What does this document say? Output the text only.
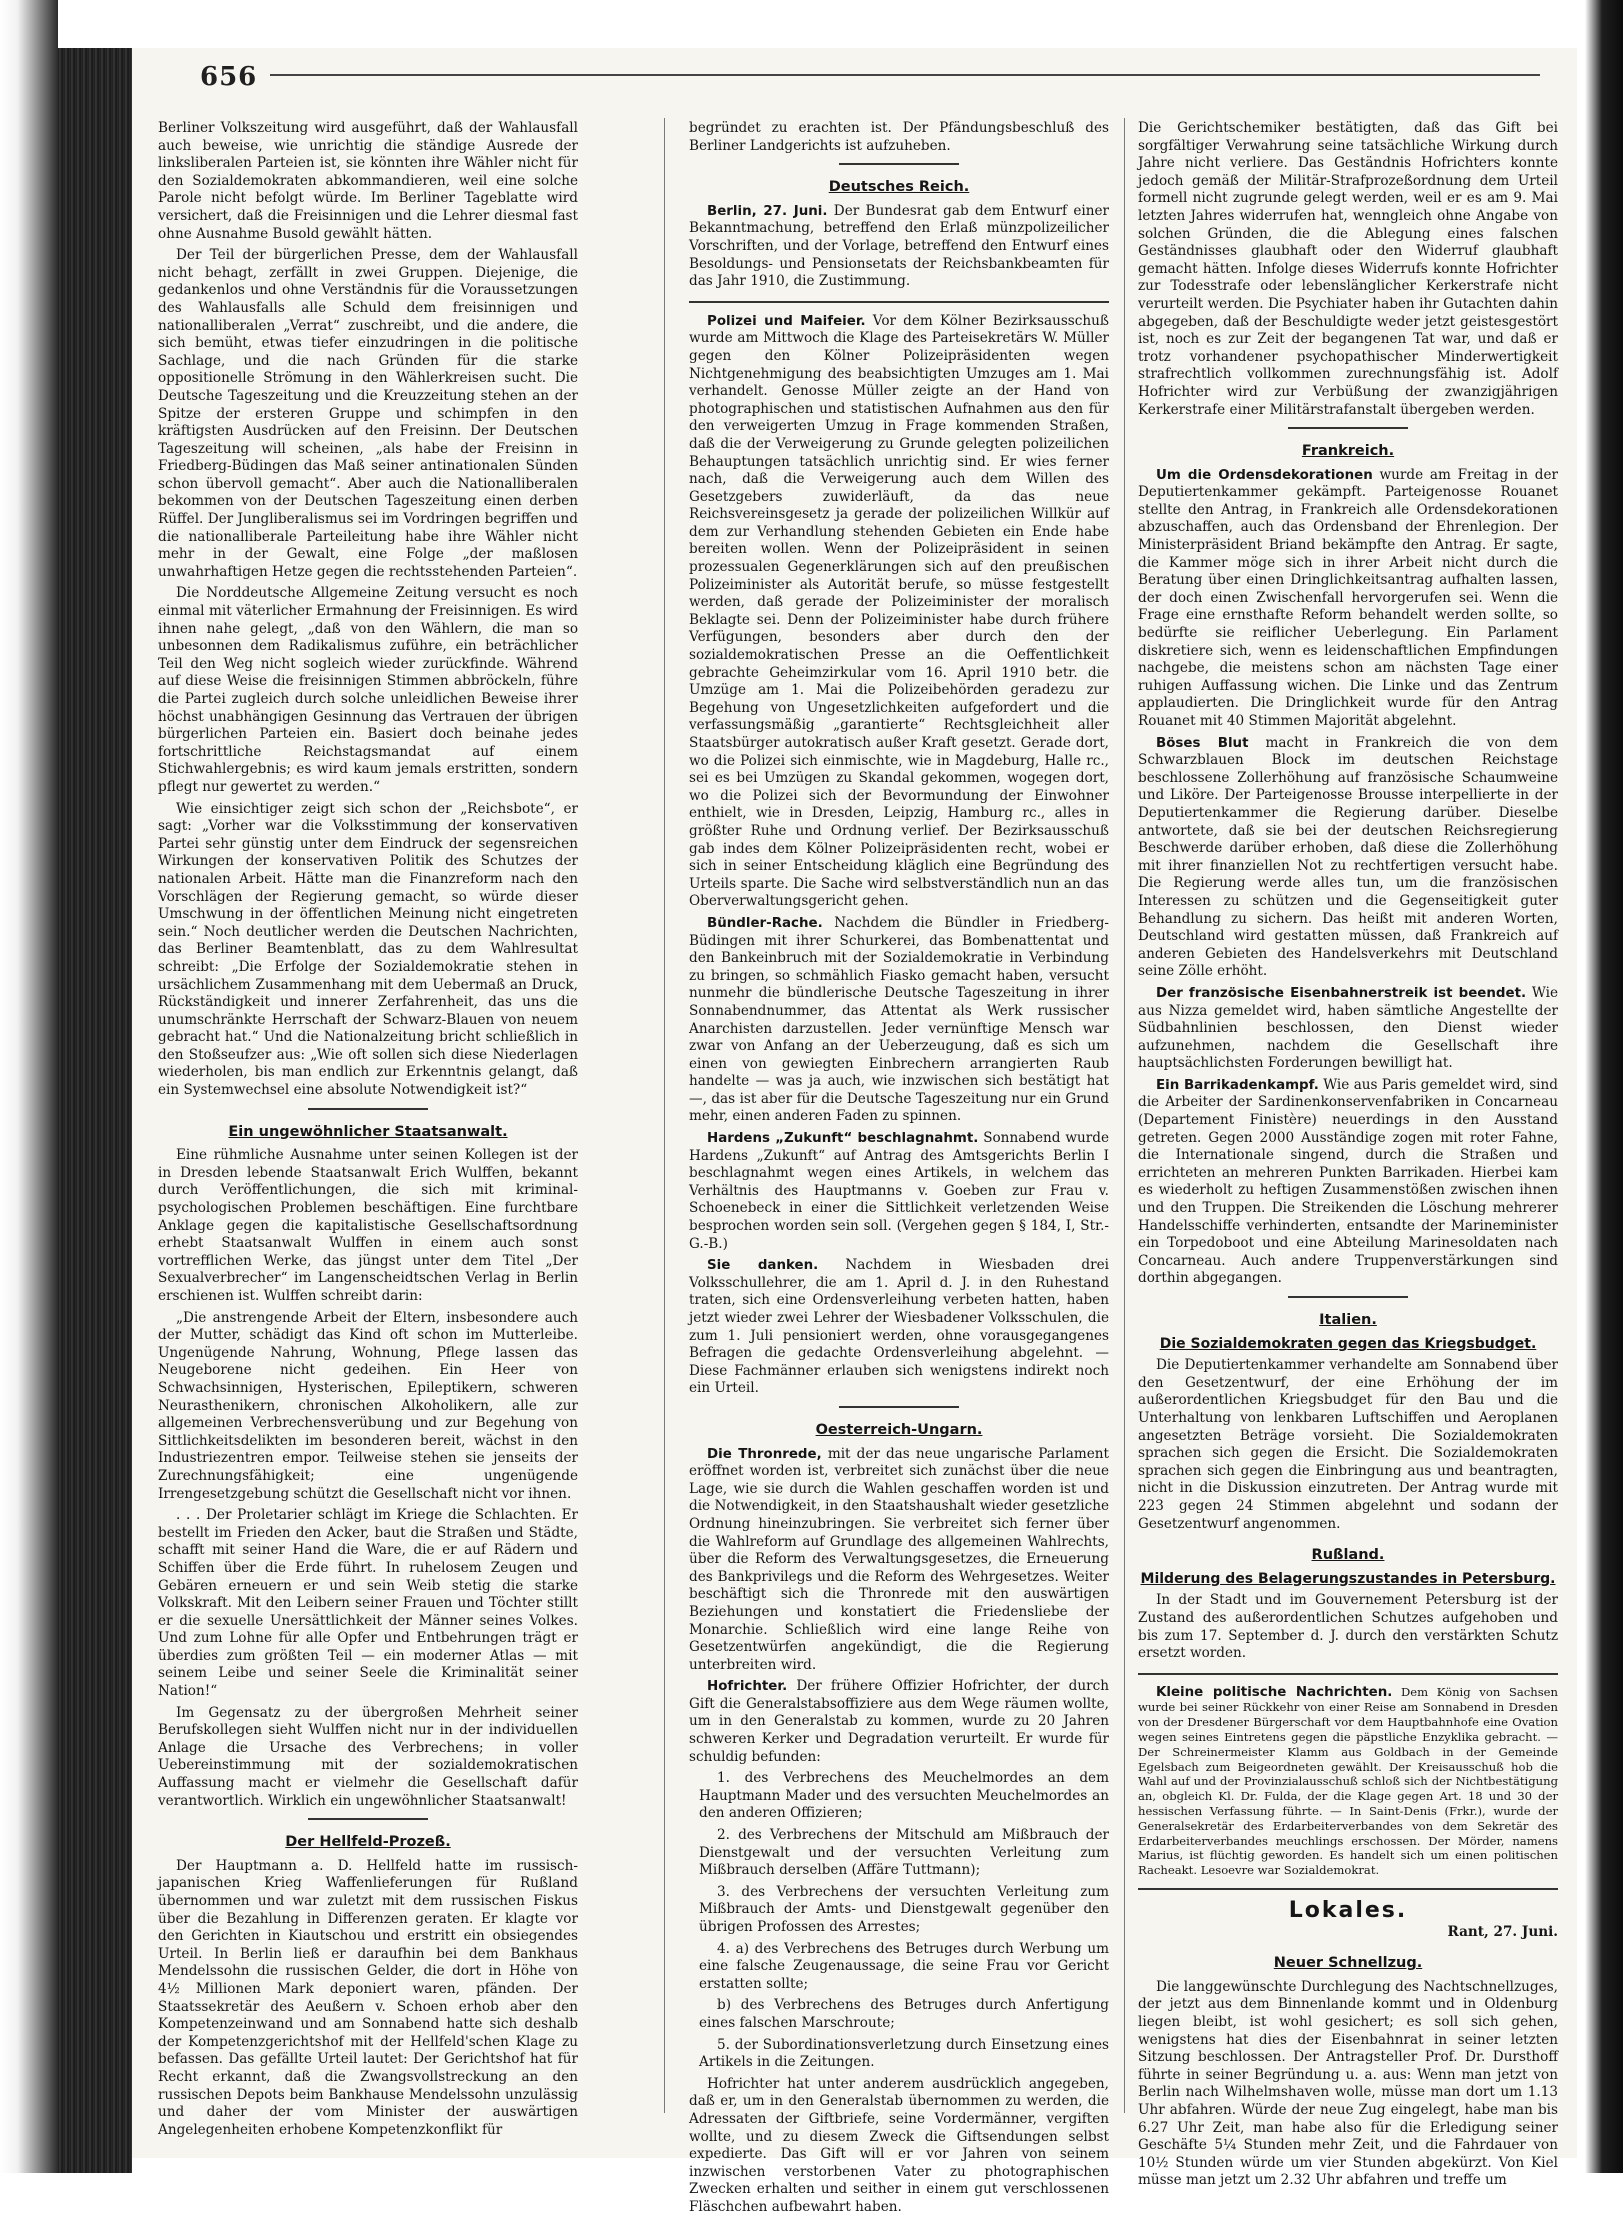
656

Berliner Volkszeitung wird ausgeführt, daß der Wahlausfall auch beweise, wie unrichtig die ständige Ausrede der linksliberalen Parteien ist, sie könnten ihre Wähler nicht für den Sozialdemokraten abkommandieren, weil eine solche Parole nicht befolgt würde. Im Berliner Tageblatte wird versichert, daß die Freisinnigen und die Lehrer diesmal fast ohne Ausnahme Busold gewählt hätten.

Der Teil der bürgerlichen Presse, dem der Wahlausfall nicht behagt, zerfällt in zwei Gruppen. Diejenige, die gedankenlos und ohne Verständnis für die Voraussetzungen des Wahlausfalls alle Schuld dem freisinnigen und nationalliberalen „Verrat“ zuschreibt, und die andere, die sich bemüht, etwas tiefer einzudringen in die politische Sachlage, und die nach Gründen für die starke oppositionelle Strömung in den Wählerkreisen sucht. Die Deutsche Tageszeitung und die Kreuzzeitung stehen an der Spitze der ersteren Gruppe und schimpfen in den kräftigsten Ausdrücken auf den Freisinn. Der Deutschen Tageszeitung will scheinen, „als habe der Freisinn in Friedberg-Büdingen das Maß seiner antinationalen Sünden schon übervoll gemacht“. Aber auch die Nationalliberalen bekommen von der Deutschen Tageszeitung einen derben Rüffel. Der Jungliberalismus sei im Vordringen begriffen und die nationalliberale Parteileitung habe ihre Wähler nicht mehr in der Gewalt, eine Folge „der maßlosen unwahrhaftigen Hetze gegen die rechtsstehenden Parteien“.

Die Norddeutsche Allgemeine Zeitung versucht es noch einmal mit väterlicher Ermahnung der Freisinnigen. Es wird ihnen nahe gelegt, „daß von den Wählern, die man so unbesonnen dem Radikalismus zuführe, ein beträchlicher Teil den Weg nicht sogleich wieder zurückfinde. Während auf diese Weise die freisinnigen Stimmen abbröckeln, führe die Partei zugleich durch solche unleidlichen Beweise ihrer höchst unabhängigen Gesinnung das Vertrauen der übrigen bürgerlichen Parteien ein. Basiert doch beinahe jedes fortschrittliche Reichstagsmandat auf einem Stichwahlergebnis; es wird kaum jemals erstritten, sondern pflegt nur gewertet zu werden.“

Wie einsichtiger zeigt sich schon der „Reichsbote“, er sagt: „Vorher war die Volksstimmung der konservativen Partei sehr günstig unter dem Eindruck der segensreichen Wirkungen der konservativen Politik des Schutzes der nationalen Arbeit. Hätte man die Finanzreform nach den Vorschlägen der Regierung gemacht, so würde dieser Umschwung in der öffentlichen Meinung nicht eingetreten sein.“ Noch deutlicher werden die Deutschen Nachrichten, das Berliner Beamtenblatt, das zu dem Wahlresultat schreibt: „Die Erfolge der Sozialdemokratie stehen in ursächlichem Zusammenhang mit dem Uebermaß an Druck, Rückständigkeit und innerer Zerfahrenheit, das uns die unumschränkte Herrschaft der Schwarz-Blauen von neuem gebracht hat.“ Und die Nationalzeitung bricht schließlich in den Stoßseufzer aus: „Wie oft sollen sich diese Niederlagen wiederholen, bis man endlich zur Erkenntnis gelangt, daß ein Systemwechsel eine absolute Notwendigkeit ist?“

Ein ungewöhnlicher Staatsanwalt.

Eine rühmliche Ausnahme unter seinen Kollegen ist der in Dresden lebende Staatsanwalt Erich Wulffen, bekannt durch Veröffentlichungen, die sich mit kriminal-psychologischen Problemen beschäftigen. Eine furchtbare Anklage gegen die kapitalistische Gesellschaftsordnung erhebt Staatsanwalt Wulffen in einem auch sonst vortrefflichen Werke, das jüngst unter dem Titel „Der Sexualverbrecher“ im Langenscheidtschen Verlag in Berlin erschienen ist. Wulffen schreibt darin:

„Die anstrengende Arbeit der Eltern, insbesondere auch der Mutter, schädigt das Kind oft schon im Mutterleibe. Ungenügende Nahrung, Wohnung, Pflege lassen das Neugeborene nicht gedeihen. Ein Heer von Schwachsinnigen, Hysterischen, Epileptikern, schweren Neurasthenikern, chronischen Alkoholikern, alle zur allgemeinen Verbrechensverübung und zur Begehung von Sittlichkeitsdelikten im besonderen bereit, wächst in den Industriezentren empor. Teilweise stehen sie jenseits der Zurechnungsfähigkeit; eine ungenügende Irrengesetzgebung schützt die Gesellschaft nicht vor ihnen.

. . . Der Proletarier schlägt im Kriege die Schlachten. Er bestellt im Frieden den Acker, baut die Straßen und Städte, schafft mit seiner Hand die Ware, die er auf Rädern und Schiffen über die Erde führt. In ruhelosem Zeugen und Gebären erneuern er und sein Weib stetig die starke Volkskraft. Mit den Leibern seiner Frauen und Töchter stillt er die sexuelle Unersättlichkeit der Männer seines Volkes. Und zum Lohne für alle Opfer und Entbehrungen trägt er überdies zum größten Teil — ein moderner Atlas — mit seinem Leibe und seiner Seele die Kriminalität seiner Nation!“

Im Gegensatz zu der übergroßen Mehrheit seiner Berufskollegen sieht Wulffen nicht nur in der individuellen Anlage die Ursache des Verbrechens; in voller Uebereinstimmung mit der sozialdemokratischen Auffassung macht er vielmehr die Gesellschaft dafür verantwortlich. Wirklich ein ungewöhnlicher Staatsanwalt!

Der Hellfeld-Prozeß.

Der Hauptmann a. D. Hellfeld hatte im russisch-japanischen Krieg Waffenlieferungen für Rußland übernommen und war zuletzt mit dem russischen Fiskus über die Bezahlung in Differenzen geraten. Er klagte vor den Gerichten in Kiautschou und erstritt ein obsiegendes Urteil. In Berlin ließ er daraufhin bei dem Bankhaus Mendelssohn die russischen Gelder, die dort in Höhe von 4½ Millionen Mark deponiert waren, pfänden. Der Staatssekretär des Aeußern v. Schoen erhob aber den Kompetenzeinwand und am Sonnabend hatte sich deshalb der Kompetenzgerichtshof mit der Hellfeld'schen Klage zu befassen. Das gefällte Urteil lautet: Der Gerichtshof hat für Recht erkannt, daß die Zwangsvollstreckung an den russischen Depots beim Bankhause Mendelssohn unzulässig und daher der vom Minister der auswärtigen Angelegenheiten erhobene Kompetenzkonflikt für

begründet zu erachten ist. Der Pfändungsbeschluß des Berliner Landgerichts ist aufzuheben.

Deutsches Reich.

Berlin, 27. Juni. Der Bundesrat gab dem Entwurf einer Bekanntmachung, betreffend den Erlaß münzpolizeilicher Vorschriften, und der Vorlage, betreffend den Entwurf eines Besoldungs- und Pensionsetats der Reichsbankbeamten für das Jahr 1910, die Zustimmung.

Polizei und Maifeier. Vor dem Kölner Bezirksausschuß wurde am Mittwoch die Klage des Parteisekretärs W. Müller gegen den Kölner Polizeipräsidenten wegen Nichtgenehmigung des beabsichtigten Umzuges am 1. Mai verhandelt. Genosse Müller zeigte an der Hand von photographischen und statistischen Aufnahmen aus den für den verweigerten Umzug in Frage kommenden Straßen, daß die der Verweigerung zu Grunde gelegten polizeilichen Behauptungen tatsächlich unrichtig sind. Er wies ferner nach, daß die Verweigerung auch dem Willen des Gesetzgebers zuwiderläuft, da das neue Reichsvereinsgesetz ja gerade der polizeilichen Willkür auf dem zur Verhandlung stehenden Gebieten ein Ende habe bereiten wollen. Wenn der Polizeipräsident in seinen prozessualen Gegenerklärungen sich auf den preußischen Polizeiminister als Autorität berufe, so müsse festgestellt werden, daß gerade der Polizeiminister der moralisch Beklagte sei. Denn der Polizeiminister habe durch frühere Verfügungen, besonders aber durch den der sozialdemokratischen Presse an die Oeffentlichkeit gebrachte Geheimzirkular vom 16. April 1910 betr. die Umzüge am 1. Mai die Polizeibehörden geradezu zur Begehung von Ungesetzlichkeiten aufgefordert und die verfassungsmäßig „garantierte“ Rechtsgleichheit aller Staatsbürger autokratisch außer Kraft gesetzt. Gerade dort, wo die Polizei sich einmischte, wie in Magdeburg, Halle rc., sei es bei Umzügen zu Skandal gekommen, wogegen dort, wo die Polizei sich der Bevormundung der Einwohner enthielt, wie in Dresden, Leipzig, Hamburg rc., alles in größter Ruhe und Ordnung verlief. Der Bezirksausschuß gab indes dem Kölner Polizeipräsidenten recht, wobei er sich in seiner Entscheidung kläglich eine Begründung des Urteils sparte. Die Sache wird selbstverständlich nun an das Oberverwaltungsgericht gehen.

Bündler-Rache. Nachdem die Bündler in Friedberg-Büdingen mit ihrer Schurkerei, das Bombenattentat und den Bankeinbruch mit der Sozialdemokratie in Verbindung zu bringen, so schmählich Fiasko gemacht haben, versucht nunmehr die bündlerische Deutsche Tageszeitung in ihrer Sonnabendnummer, das Attentat als Werk russischer Anarchisten darzustellen. Jeder vernünftige Mensch war zwar von Anfang an der Ueberzeugung, daß es sich um einen von gewiegten Einbrechern arrangierten Raub handelte — was ja auch, wie inzwischen sich bestätigt hat —, das ist aber für die Deutsche Tageszeitung nur ein Grund mehr, einen anderen Faden zu spinnen.

Hardens „Zukunft“ beschlagnahmt. Sonnabend wurde Hardens „Zukunft“ auf Antrag des Amtsgerichts Berlin I beschlagnahmt wegen eines Artikels, in welchem das Verhältnis des Hauptmanns v. Goeben zur Frau v. Schoenebeck in einer die Sittlichkeit verletzenden Weise besprochen worden sein soll. (Vergehen gegen § 184, I, Str.-G.-B.)

Sie danken. Nachdem in Wiesbaden drei Volksschullehrer, die am 1. April d. J. in den Ruhestand traten, sich eine Ordensverleihung verbeten hatten, haben jetzt wieder zwei Lehrer der Wiesbadener Volksschulen, die zum 1. Juli pensioniert werden, ohne vorausgegangenes Befragen die gedachte Ordensverleihung abgelehnt. — Diese Fachmänner erlauben sich wenigstens indirekt noch ein Urteil.

Oesterreich-Ungarn.

Die Thronrede, mit der das neue ungarische Parlament eröffnet worden ist, verbreitet sich zunächst über die neue Lage, wie sie durch die Wahlen geschaffen worden ist und die Notwendigkeit, in den Staatshaushalt wieder gesetzliche Ordnung hineinzubringen. Sie verbreitet sich ferner über die Wahlreform auf Grundlage des allgemeinen Wahlrechts, über die Reform des Verwaltungsgesetzes, die Erneuerung des Bankprivilegs und die Reform des Wehrgesetzes. Weiter beschäftigt sich die Thronrede mit den auswärtigen Beziehungen und konstatiert die Friedensliebe der Monarchie. Schließlich wird eine lange Reihe von Gesetzentwürfen angekündigt, die die Regierung unterbreiten wird.

Hofrichter. Der frühere Offizier Hofrichter, der durch Gift die Generalstabsoffiziere aus dem Wege räumen wollte, um in den Generalstab zu kommen, wurde zu 20 Jahren schweren Kerker und Degradation verurteilt. Er wurde für schuldig befunden:

1. des Verbrechens des Meuchelmordes an dem Hauptmann Mader und des versuchten Meuchelmordes an den anderen Offizieren;

2. des Verbrechens der Mitschuld am Mißbrauch der Dienstgewalt und der versuchten Verleitung zum Mißbrauch derselben (Affäre Tuttmann);

3. des Verbrechens der versuchten Verleitung zum Mißbrauch der Amts- und Dienstgewalt gegenüber den übrigen Profossen des Arrestes;

4. a) des Verbrechens des Betruges durch Werbung um eine falsche Zeugenaussage, die seine Frau vor Gericht erstatten sollte;

b) des Verbrechens des Betruges durch Anfertigung eines falschen Marschroute;

5. der Subordinationsverletzung durch Einsetzung eines Artikels in die Zeitungen.

Hofrichter hat unter anderem ausdrücklich angegeben, daß er, um in den Generalstab übernommen zu werden, die Adressaten der Giftbriefe, seine Vordermänner, vergiften wollte, und zu diesem Zweck die Giftsendungen selbst expedierte. Das Gift will er vor Jahren von seinem inzwischen verstorbenen Vater zu photographischen Zwecken erhalten und seither in einem gut verschlossenen Fläschchen aufbewahrt haben.

Die Gerichtschemiker bestätigten, daß das Gift bei sorgfältiger Verwahrung seine tatsächliche Wirkung durch Jahre nicht verliere. Das Geständnis Hofrichters konnte jedoch gemäß der Militär-Strafprozeßordnung dem Urteil formell nicht zugrunde gelegt werden, weil er es am 9. Mai letzten Jahres widerrufen hat, wenngleich ohne Angabe von solchen Gründen, die die Ablegung eines falschen Geständnisses glaubhaft oder den Widerruf glaubhaft gemacht hätten. Infolge dieses Widerrufs konnte Hofrichter zur Todesstrafe oder lebenslänglicher Kerkerstrafe nicht verurteilt werden. Die Psychiater haben ihr Gutachten dahin abgegeben, daß der Beschuldigte weder jetzt geistesgestört ist, noch es zur Zeit der begangenen Tat war, und daß er trotz vorhandener psychopathischer Minderwertigkeit strafrechtlich vollkommen zurechnungsfähig ist. Adolf Hofrichter wird zur Verbüßung der zwanzigjährigen Kerkerstrafe einer Militärstrafanstalt übergeben werden.

Frankreich.

Um die Ordensdekorationen wurde am Freitag in der Deputiertenkammer gekämpft. Parteigenosse Rouanet stellte den Antrag, in Frankreich alle Ordensdekorationen abzuschaffen, auch das Ordensband der Ehrenlegion. Der Ministerpräsident Briand bekämpfte den Antrag. Er sagte, die Kammer möge sich in ihrer Arbeit nicht durch die Beratung über einen Dringlichkeitsantrag aufhalten lassen, der doch einen Zwischenfall hervorgerufen sei. Wenn die Frage eine ernsthafte Reform behandelt werden sollte, so bedürfte sie reiflicher Ueberlegung. Ein Parlament diskretiere sich, wenn es leidenschaftlichen Empfindungen nachgebe, die meistens schon am nächsten Tage einer ruhigen Auffassung wichen. Die Linke und das Zentrum applaudierten. Die Dringlichkeit wurde für den Antrag Rouanet mit 40 Stimmen Majorität abgelehnt.

Böses Blut macht in Frankreich die von dem Schwarzblauen Block im deutschen Reichstage beschlossene Zollerhöhung auf französische Schaumweine und Liköre. Der Parteigenosse Brousse interpellierte in der Deputiertenkammer die Regierung darüber. Dieselbe antwortete, daß sie bei der deutschen Reichsregierung Beschwerde darüber erhoben, daß diese die Zollerhöhung mit ihrer finanziellen Not zu rechtfertigen versucht habe. Die Regierung werde alles tun, um die französischen Interessen zu schützen und die Gegenseitigkeit guter Behandlung zu sichern. Das heißt mit anderen Worten, Deutschland wird gestatten müssen, daß Frankreich auf anderen Gebieten des Handelsverkehrs mit Deutschland seine Zölle erhöht.

Der französische Eisenbahnerstreik ist beendet. Wie aus Nizza gemeldet wird, haben sämtliche Angestellte der Südbahnlinien beschlossen, den Dienst wieder aufzunehmen, nachdem die Gesellschaft ihre hauptsächlichsten Forderungen bewilligt hat.

Ein Barrikadenkampf. Wie aus Paris gemeldet wird, sind die Arbeiter der Sardinenkonservenfabriken in Concarneau (Departement Finistère) neuerdings in den Ausstand getreten. Gegen 2000 Ausständige zogen mit roter Fahne, die Internationale singend, durch die Straßen und errichteten an mehreren Punkten Barrikaden. Hierbei kam es wiederholt zu heftigen Zusammenstößen zwischen ihnen und den Truppen. Die Streikenden die Löschung mehrerer Handelsschiffe verhinderten, entsandte der Marineminister ein Torpedoboot und eine Abteilung Marinesoldaten nach Concarneau. Auch andere Truppenverstärkungen sind dorthin abgegangen.

Italien.
Die Sozialdemokraten gegen das Kriegsbudget.

Die Deputiertenkammer verhandelte am Sonnabend über den Gesetzentwurf, der eine Erhöhung der im außerordentlichen Kriegsbudget für den Bau und die Unterhaltung von lenkbaren Luftschiffen und Aeroplanen angesetzten Beträge vorsieht. Die Sozialdemokraten sprachen sich gegen die Ersicht. Die Sozialdemokraten sprachen sich gegen die Einbringung aus und beantragten, nicht in die Diskussion einzutreten. Der Antrag wurde mit 223 gegen 24 Stimmen abgelehnt und sodann der Gesetzentwurf angenommen.

Rußland.
Milderung des Belagerungszustandes in Petersburg.

In der Stadt und im Gouvernement Petersburg ist der Zustand des außerordentlichen Schutzes aufgehoben und bis zum 17. September d. J. durch den verstärkten Schutz ersetzt worden.

Kleine politische Nachrichten. Dem König von Sachsen wurde bei seiner Rückkehr von einer Reise am Sonnabend in Dresden von der Dresdener Bürgerschaft vor dem Hauptbahnhofe eine Ovation wegen seines Eintretens gegen die päpstliche Enzyklika gebracht. — Der Schreinermeister Klamm aus Goldbach in der Gemeinde Egelsbach zum Beigeordneten gewählt. Der Kreisausschuß hob die Wahl auf und der Provinzialausschuß schloß sich der Nichtbestätigung an, obgleich Kl. Dr. Fulda, der die Klage gegen Art. 18 und 30 der hessischen Verfassung führte. — In Saint-Denis (Frkr.), wurde der Generalsekretär des Erdarbeiterverbandes von dem Sekretär des Erdarbeiterverbandes meuchlings erschossen. Der Mörder, namens Marius, ist flüchtig geworden. Es handelt sich um einen politischen Racheakt. Lesoevre war Sozialdemokrat.

Lokales.
Rant, 27. Juni.
Neuer Schnellzug.

Die langgewünschte Durchlegung des Nachtschnellzuges, der jetzt aus dem Binnenlande kommt und in Oldenburg liegen bleibt, ist wohl gesichert; es soll sich gehen, wenigstens hat dies der Eisenbahnrat in seiner letzten Sitzung beschlossen. Der Antragsteller Prof. Dr. Dursthoff führte in seiner Begründung u. a. aus: Wenn man jetzt von Berlin nach Wilhelmshaven wolle, müsse man dort um 1.13 Uhr abfahren. Würde der neue Zug eingelegt, habe man bis 6.27 Uhr Zeit, man habe also für die Erledigung seiner Geschäfte 5¼ Stunden mehr Zeit, und die Fahrdauer von 10½ Stunden würde um vier Stunden abgekürzt. Von Kiel müsse man jetzt um 2.32 Uhr abfahren und treffe um
